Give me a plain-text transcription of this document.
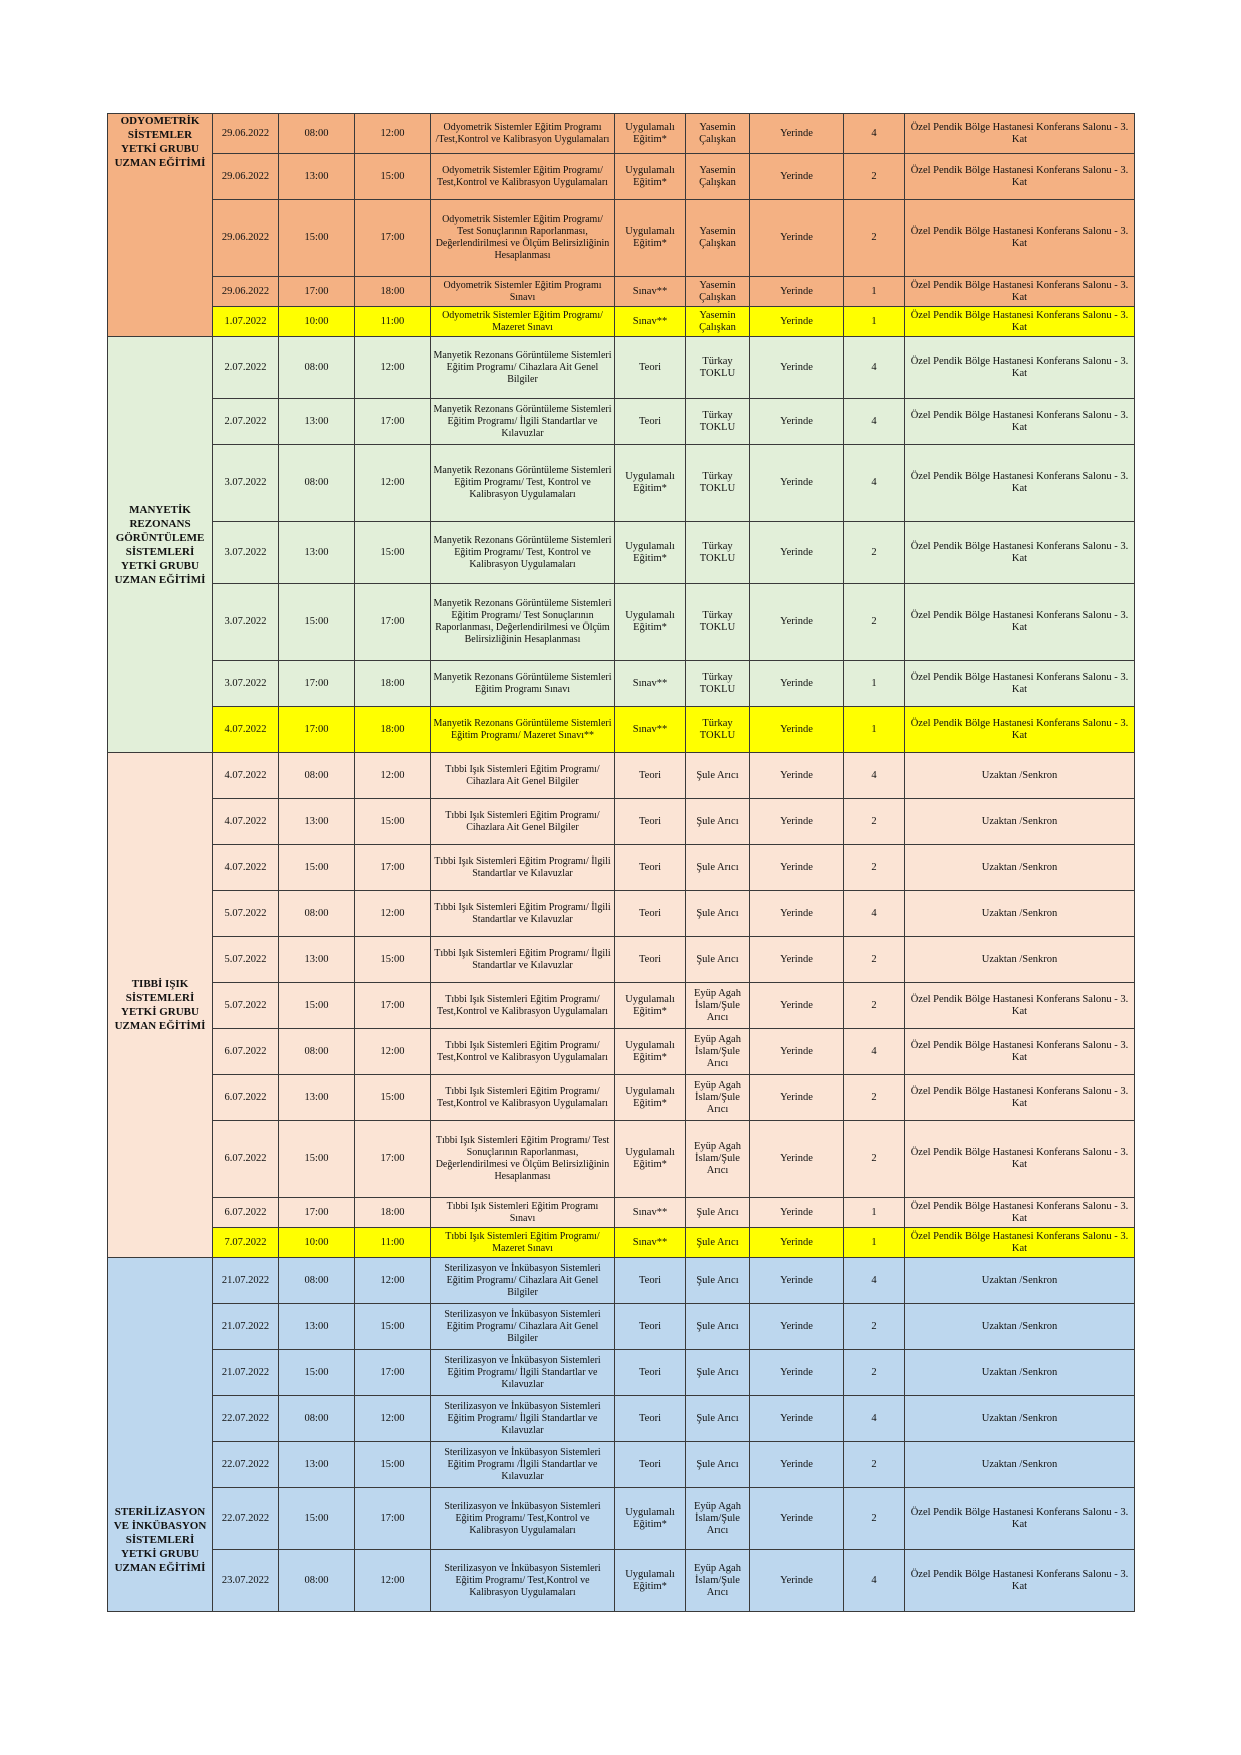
ODYOMETRİK SİSTEMLER YETKİ GRUBU UZMAN EĞİTİMİ	29.06.2022	08:00	12:00	Odyometrik Sistemler Eğitim Programı /Test,Kontrol ve Kalibrasyon Uygulamaları	Uygulamalı Eğitim*	Yasemin Çalışkan	Yerinde	4	Özel Pendik Bölge Hastanesi Konferans Salonu - 3. Kat
	29.06.2022	13:00	15:00	Odyometrik Sistemler Eğitim Programı/ Test,Kontrol ve Kalibrasyon Uygulamaları	Uygulamalı Eğitim*	Yasemin Çalışkan	Yerinde	2	Özel Pendik Bölge Hastanesi Konferans Salonu - 3. Kat
	29.06.2022	15:00	17:00	Odyometrik Sistemler Eğitim Programı/ Test Sonuçlarının Raporlanması, Değerlendirilmesi ve Ölçüm Belirsizliğinin Hesaplanması	Uygulamalı Eğitim*	Yasemin Çalışkan	Yerinde	2	Özel Pendik Bölge Hastanesi Konferans Salonu - 3. Kat
	29.06.2022	17:00	18:00	Odyometrik Sistemler Eğitim Programı Sınavı	Sınav**	Yasemin Çalışkan	Yerinde	1	Özel Pendik Bölge Hastanesi Konferans Salonu - 3. Kat
	1.07.2022	10:00	11:00	Odyometrik Sistemler Eğitim Programı/ Mazeret Sınavı	Sınav**	Yasemin Çalışkan	Yerinde	1	Özel Pendik Bölge Hastanesi Konferans Salonu - 3. Kat
MANYETİK REZONANS GÖRÜNTÜLEME SİSTEMLERİ YETKİ GRUBU UZMAN EĞİTİMİ	2.07.2022	08:00	12:00	Manyetik Rezonans Görüntüleme Sistemleri Eğitim Programı/ Cihazlara Ait Genel Bilgiler	Teori	Türkay TOKLU	Yerinde	4	Özel Pendik Bölge Hastanesi Konferans Salonu - 3. Kat
	2.07.2022	13:00	17:00	Manyetik Rezonans Görüntüleme Sistemleri Eğitim Programı/ İlgili Standartlar ve Kılavuzlar	Teori	Türkay TOKLU	Yerinde	4	Özel Pendik Bölge Hastanesi Konferans Salonu - 3. Kat
	3.07.2022	08:00	12:00	Manyetik Rezonans Görüntüleme Sistemleri Eğitim Programı/ Test, Kontrol ve Kalibrasyon Uygulamaları	Uygulamalı Eğitim*	Türkay TOKLU	Yerinde	4	Özel Pendik Bölge Hastanesi Konferans Salonu - 3. Kat
	3.07.2022	13:00	15:00	Manyetik Rezonans Görüntüleme Sistemleri Eğitim Programı/ Test, Kontrol ve Kalibrasyon Uygulamaları	Uygulamalı Eğitim*	Türkay TOKLU	Yerinde	2	Özel Pendik Bölge Hastanesi Konferans Salonu - 3. Kat
	3.07.2022	15:00	17:00	Manyetik Rezonans Görüntüleme Sistemleri Eğitim Programı/ Test Sonuçlarının Raporlanması, Değerlendirilmesi ve Ölçüm Belirsizliğinin Hesaplanması	Uygulamalı Eğitim*	Türkay TOKLU	Yerinde	2	Özel Pendik Bölge Hastanesi Konferans Salonu - 3. Kat
	3.07.2022	17:00	18:00	Manyetik Rezonans Görüntüleme Sistemleri Eğitim Programı Sınavı	Sınav**	Türkay TOKLU	Yerinde	1	Özel Pendik Bölge Hastanesi Konferans Salonu - 3. Kat
	4.07.2022	17:00	18:00	Manyetik Rezonans Görüntüleme Sistemleri Eğitim Programı/ Mazeret Sınavı**	Sınav**	Türkay TOKLU	Yerinde	1	Özel Pendik Bölge Hastanesi Konferans Salonu - 3. Kat
TIBBİ IŞIK SİSTEMLERİ YETKİ GRUBU UZMAN EĞİTİMİ	4.07.2022	08:00	12:00	Tıbbi Işık Sistemleri Eğitim Programı/ Cihazlara Ait Genel Bilgiler	Teori	Şule Arıcı	Yerinde	4	Uzaktan /Senkron
	4.07.2022	13:00	15:00	Tıbbi Işık Sistemleri Eğitim Programı/ Cihazlara Ait Genel Bilgiler	Teori	Şule Arıcı	Yerinde	2	Uzaktan /Senkron
	4.07.2022	15:00	17:00	Tıbbi Işık Sistemleri Eğitim Programı/ İlgili Standartlar ve Kılavuzlar	Teori	Şule Arıcı	Yerinde	2	Uzaktan /Senkron
	5.07.2022	08:00	12:00	Tıbbi Işık Sistemleri Eğitim Programı/ İlgili Standartlar ve Kılavuzlar	Teori	Şule Arıcı	Yerinde	4	Uzaktan /Senkron
	5.07.2022	13:00	15:00	Tıbbi Işık Sistemleri Eğitim Programı/ İlgili Standartlar ve Kılavuzlar	Teori	Şule Arıcı	Yerinde	2	Uzaktan /Senkron
	5.07.2022	15:00	17:00	Tıbbi Işık Sistemleri Eğitim Programı/ Test,Kontrol ve Kalibrasyon Uygulamaları	Uygulamalı Eğitim*	Eyüp Agah İslam/Şule Arıcı	Yerinde	2	Özel Pendik Bölge Hastanesi Konferans Salonu - 3. Kat
	6.07.2022	08:00	12:00	Tıbbi Işık Sistemleri Eğitim Programı/ Test,Kontrol ve Kalibrasyon Uygulamaları	Uygulamalı Eğitim*	Eyüp Agah İslam/Şule Arıcı	Yerinde	4	Özel Pendik Bölge Hastanesi Konferans Salonu - 3. Kat
	6.07.2022	13:00	15:00	Tıbbi Işık Sistemleri Eğitim Programı/ Test,Kontrol ve Kalibrasyon Uygulamaları	Uygulamalı Eğitim*	Eyüp Agah İslam/Şule Arıcı	Yerinde	2	Özel Pendik Bölge Hastanesi Konferans Salonu - 3. Kat
	6.07.2022	15:00	17:00	Tıbbi Işık Sistemleri Eğitim Programı/ Test Sonuçlarının Raporlanması, Değerlendirilmesi ve Ölçüm Belirsizliğinin Hesaplanması	Uygulamalı Eğitim*	Eyüp Agah İslam/Şule Arıcı	Yerinde	2	Özel Pendik Bölge Hastanesi Konferans Salonu - 3. Kat
	6.07.2022	17:00	18:00	Tıbbi Işık Sistemleri Eğitim Programı Sınavı	Sınav**	Şule Arıcı	Yerinde	1	Özel Pendik Bölge Hastanesi Konferans Salonu - 3. Kat
	7.07.2022	10:00	11:00	Tıbbi Işık Sistemleri Eğitim Programı/ Mazeret Sınavı	Sınav**	Şule Arıcı	Yerinde	1	Özel Pendik Bölge Hastanesi Konferans Salonu - 3. Kat
STERİLİZASYON VE İNKÜBASYON SİSTEMLERİ YETKİ GRUBU UZMAN EĞİTİMİ	21.07.2022	08:00	12:00	Sterilizasyon ve İnkübasyon Sistemleri Eğitim Programı/ Cihazlara Ait Genel Bilgiler	Teori	Şule Arıcı	Yerinde	4	Uzaktan /Senkron
	21.07.2022	13:00	15:00	Sterilizasyon ve İnkübasyon Sistemleri Eğitim Programı/ Cihazlara Ait Genel Bilgiler	Teori	Şule Arıcı	Yerinde	2	Uzaktan /Senkron
	21.07.2022	15:00	17:00	Sterilizasyon ve İnkübasyon Sistemleri Eğitim Programı/ İlgili Standartlar ve Kılavuzlar	Teori	Şule Arıcı	Yerinde	2	Uzaktan /Senkron
	22.07.2022	08:00	12:00	Sterilizasyon ve İnkübasyon Sistemleri Eğitim Programı/ İlgili Standartlar ve Kılavuzlar	Teori	Şule Arıcı	Yerinde	4	Uzaktan /Senkron
	22.07.2022	13:00	15:00	Sterilizasyon ve İnkübasyon Sistemleri Eğitim Programı /İlgili Standartlar ve Kılavuzlar	Teori	Şule Arıcı	Yerinde	2	Uzaktan /Senkron
	22.07.2022	15:00	17:00	Sterilizasyon ve İnkübasyon Sistemleri Eğitim Programı/ Test,Kontrol ve Kalibrasyon Uygulamaları	Uygulamalı Eğitim*	Eyüp Agah İslam/Şule Arıcı	Yerinde	2	Özel Pendik Bölge Hastanesi Konferans Salonu - 3. Kat
	23.07.2022	08:00	12:00	Sterilizasyon ve İnkübasyon Sistemleri Eğitim Programı/ Test,Kontrol ve Kalibrasyon Uygulamaları	Uygulamalı Eğitim*	Eyüp Agah İslam/Şule Arıcı	Yerinde	4	Özel Pendik Bölge Hastanesi Konferans Salonu - 3. Kat
